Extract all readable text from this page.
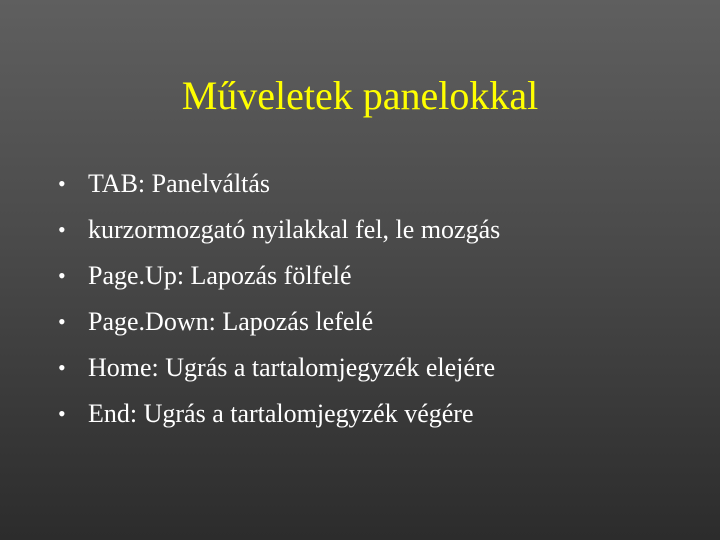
Műveletek panelokkal
• TAB: Panelváltás
• kurzormozgató nyilakkal fel, le mozgás
• Page.Up: Lapozás fölfelé
• Page.Down: Lapozás lefelé
• Home: Ugrás a tartalomjegyzék elejére
• End: Ugrás a tartalomjegyzék végére
